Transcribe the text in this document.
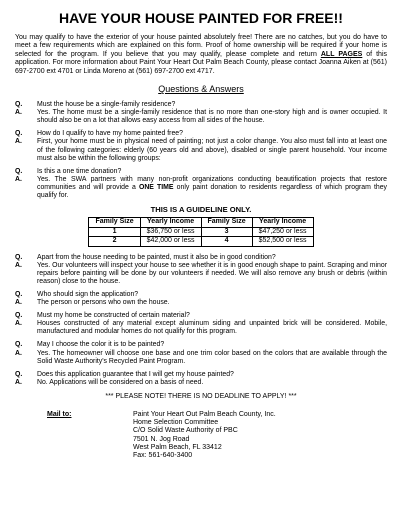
HAVE YOUR HOUSE PAINTED FOR FREE!!

You may qualify to have the exterior of your house painted absolutely free! There are no catches, but you do have to meet a few requirements which are explained on this form. Proof of home ownership will be required if your home is selected for the program. If you believe that you may qualify, please complete and return ALL PAGES of this application. For more information about Paint Your Heart Out Palm Beach County, please contact Joanna Aiken at (561) 697-2700 ext 4701 or Linda Moreno at (561) 697-2700 ext 4717.

Questions & Answers
Q.	Must the house be a single-family residence?
A.	Yes. The home must be a single-family residence that is no more than one-story high and is owner occupied. It should also be on a lot that allows easy access from all sides of the house.
Q.	How do I qualify to have my home painted free?
A.	First, your home must be in physical need of painting; not just a color change. You also must fall into at least one of the following categories: elderly (60 years old and above), disabled or single parent household. Your income must also be within the following groups:
Q.	Is this a one time donation?
A.	Yes. The SWA partners with many non-profit organizations conducting beautification projects that restore communities and will provide a ONE TIME only paint donation to residents regardless of which program they qualify for.
THIS IS A GUIDELINE ONLY.
Family Size	Yearly Income	Family Size	Yearly Income
1	$36,750 or less	3	$47,250 or less
2	$42,000 or less	4	$52,500 or less
Q.	Apart from the house needing to be painted, must it also be in good condition?
A.	Yes. Our volunteers will inspect your house to see whether it is in good enough shape to paint. Scraping and minor repairs before painting will be done by our volunteers if needed. We will also remove any brush or debris (within reason) close to the house.
Q.	Who should sign the application?
A.	The person or persons who own the house.
Q.	Must my home be constructed of certain material?
A.	Houses constructed of any material except aluminum siding and unpainted brick will be considered. Mobile, manufactured and modular homes do not qualify for this program.
Q.	May I choose the color it is to be painted?
A.	Yes. The homeowner will choose one base and one trim color based on the colors that are available through the Solid Waste Authority's Recycled Paint Program.
Q.	Does this application guarantee that I will get my house painted?
A.	No. Applications will be considered on a basis of need.
*** PLEASE NOTE! THERE IS NO DEADLINE TO APPLY! ***
Mail to:	Paint Your Heart Out Palm Beach County, Inc.
Home Selection Committee
C/O Solid Waste Authority of PBC
7501 N. Jog Road
West Palm Beach, FL 33412
Fax: 561-640-3400
